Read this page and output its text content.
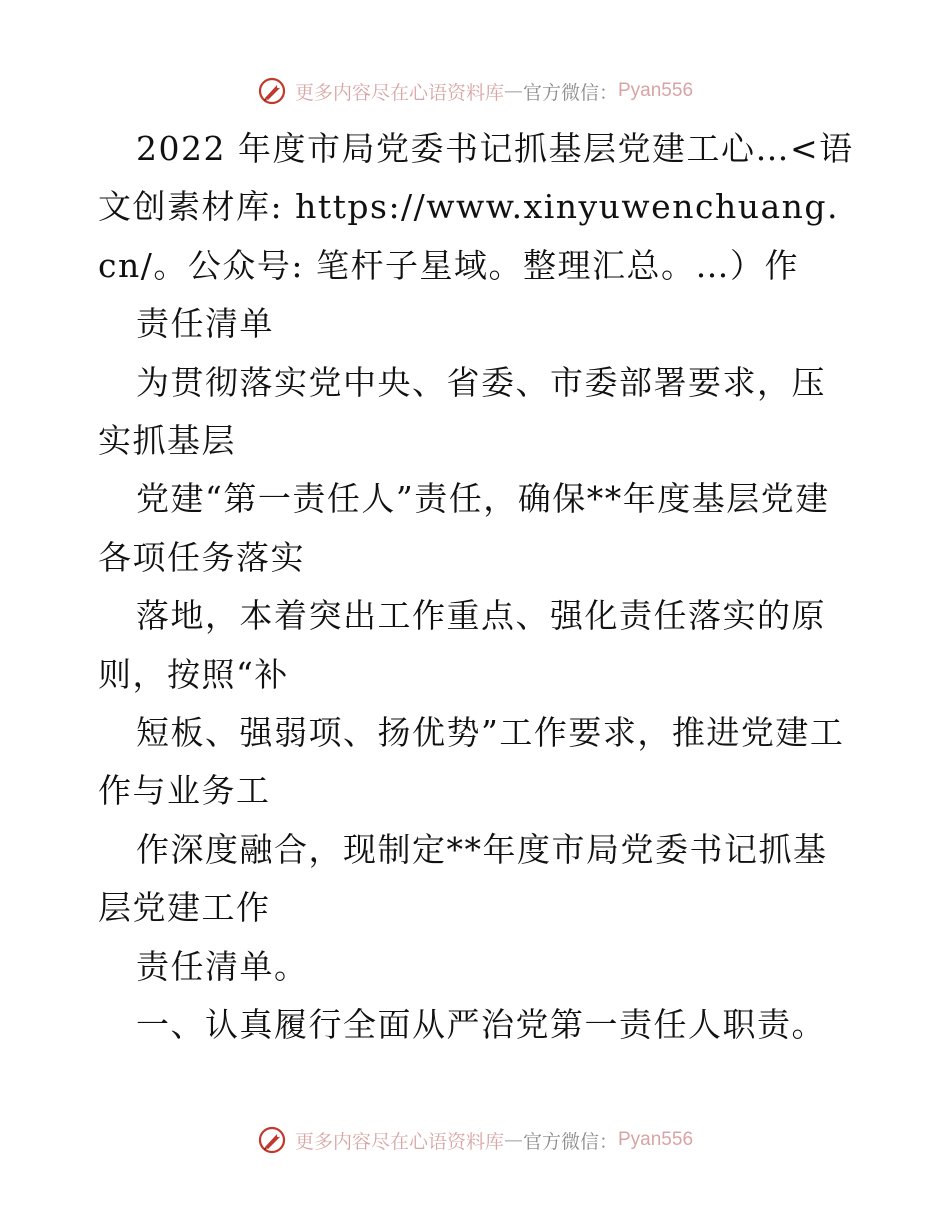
更多内容尽在心语资料库 — 官方微信： Pyan556

2022 年度市局党委书记抓基层党建工心…<语文创素材库: https://www.xinyuwenchuang.cn/。公众号: 笔杆子星域。整理汇总。…）作

责任清单

为贯彻落实党中央、省委、市委部署要求，压实抓基层

党建“第一责任人”责任，确保**年度基层党建各项任务落实

落地，本着突出工作重点、强化责任落实的原则，按照“补

短板、强弱项、扬优势”工作要求，推进党建工作与业务工

作深度融合，现制定**年度市局党委书记抓基层党建工作

责任清单。

一、认真履行全面从严治党第一责任人职责。

更多内容尽在心语资料库 — 官方微信： Pyan556
